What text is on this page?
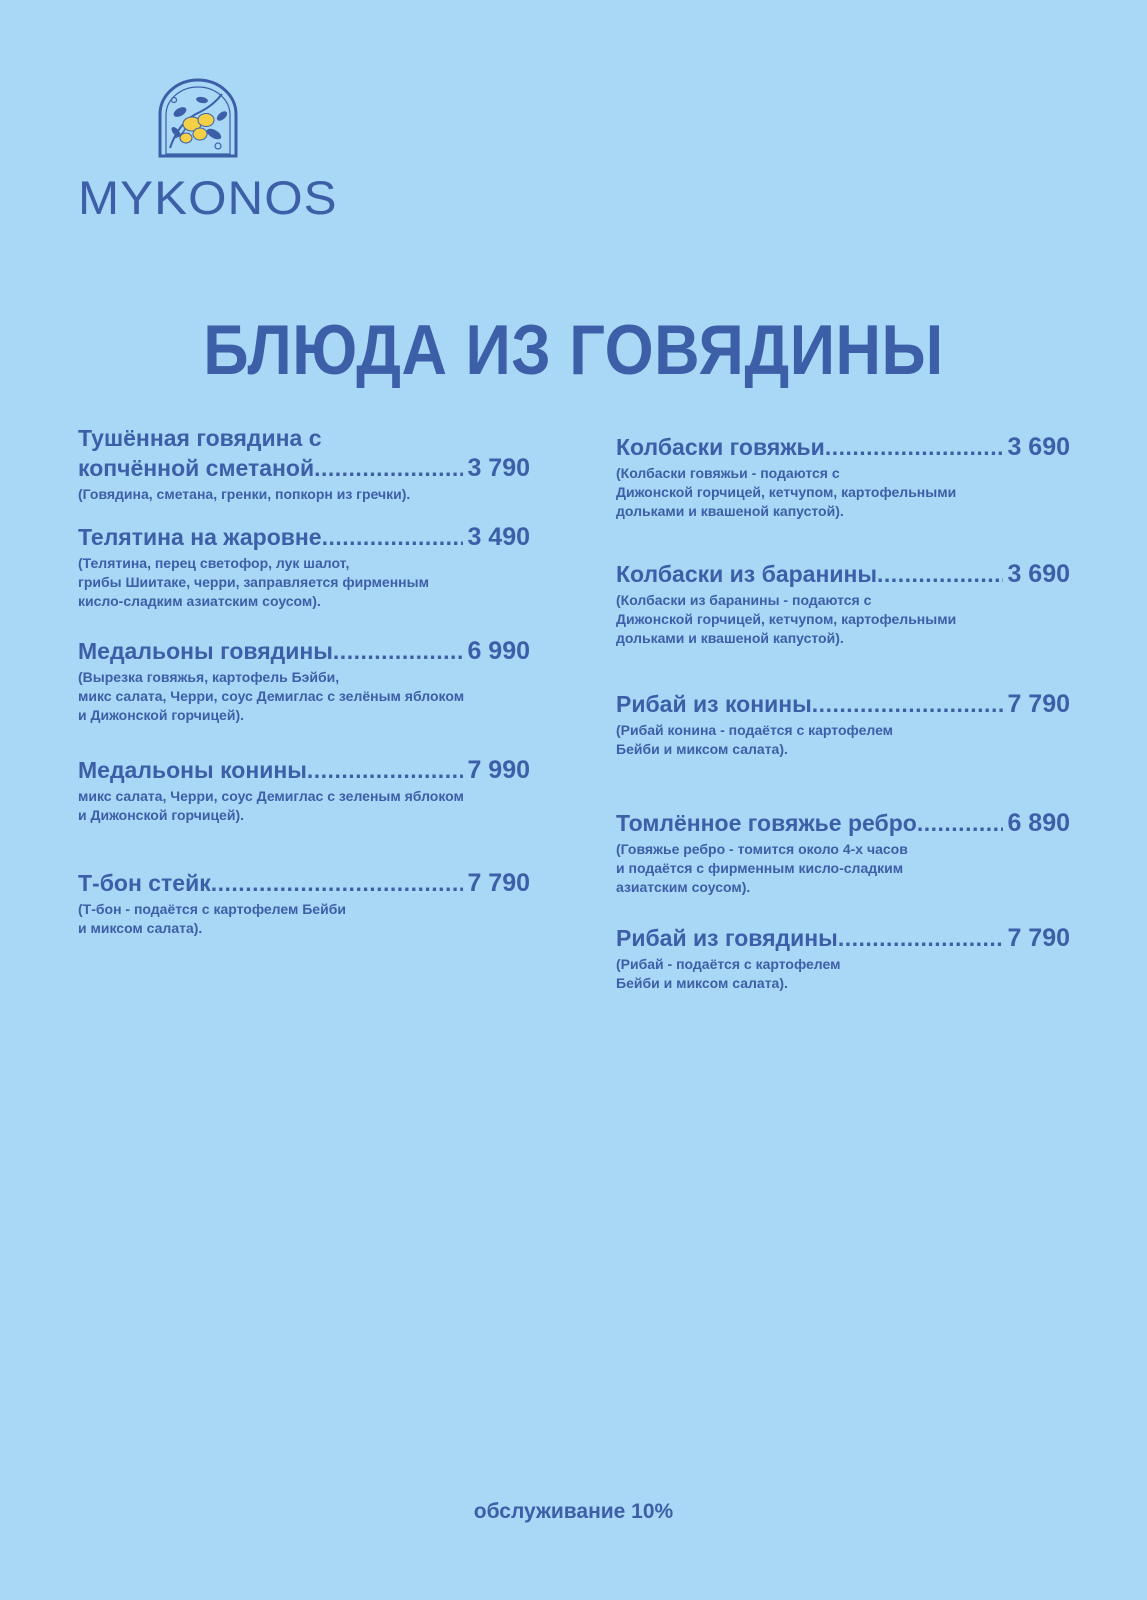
MYKONOS
БЛЮДА ИЗ ГОВЯДИНЫ
Тушённая говядина с
копчённой сметаной .....	3 790
(Говядина, сметана, гренки, попкорн из гречки).
Телятина на жаровне .....	3 490
(Телятина, перец светофор, лук шалот,
грибы Шиитаке, черри, заправляется фирменным
кисло-сладким азиатским соусом).
Медальоны говядины .....	6 990
(Вырезка говяжья, картофель Бэйби,
микс салата, Черри, соус Демиглас с зелёным яблоком
и Дижонской горчицей).
Медальоны конины .....	7 990
микс салата, Черри, соус Демиглас с зеленым яблоком
и Дижонской горчицей).
Т-бон стейк .....	7 790
(Т-бон - подаётся с картофелем Бейби
и миксом салата).
Колбаски говяжьи .....	3 690
(Колбаски говяжьи - подаются с
Дижонской горчицей, кетчупом, картофельными
дольками и квашеной капустой).
Колбаски из баранины .....	3 690
(Колбаски из баранины - подаются с
Дижонской горчицей, кетчупом, картофельными
дольками и квашеной капустой).
Рибай из конины .....	7 790
(Рибай конина - подаётся с картофелем
Бейби и миксом салата).
Томлённое говяжье ребро .....	6 890
(Говяжье ребро - томится около 4-х часов
и подаётся с фирменным кисло-сладким
азиатским соусом).
Рибай из говядины .....	7 790
(Рибай - подаётся с картофелем
Бейби и миксом салата).
обслуживание 10%
